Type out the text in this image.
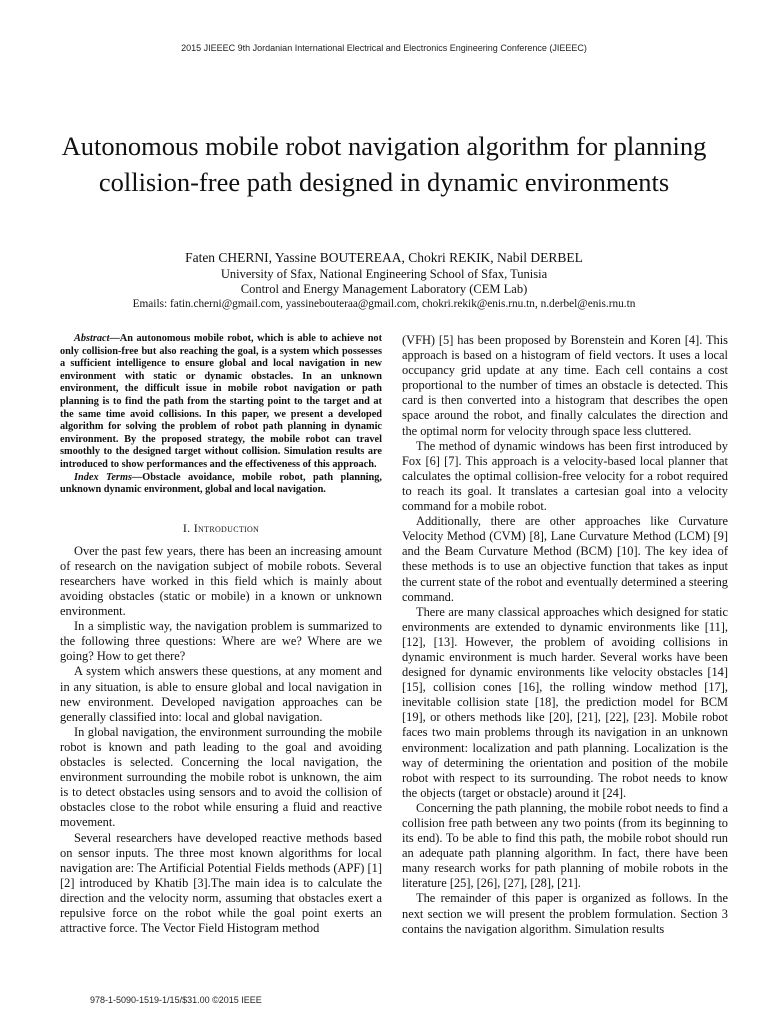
2015 JIEEEC 9th Jordanian International Electrical and Electronics Engineering Conference (JIEEEC)
Autonomous mobile robot navigation algorithm for planning collision-free path designed in dynamic environments
Faten CHERNI, Yassine BOUTEREAA, Chokri REKIK, Nabil DERBEL
University of Sfax, National Engineering School of Sfax, Tunisia
Control and Energy Management Laboratory (CEM Lab)
Emails: fatin.cherni@gmail.com, yassinebouteraa@gmail.com, chokri.rekik@enis.rnu.tn, n.derbel@enis.rnu.tn

Abstract—An autonomous mobile robot, which is able to achieve not only collision-free but also reaching the goal, is a system which possesses a sufficient intelligence to ensure global and local navigation in new environment with static or dynamic obstacles. In an unknown environment, the difficult issue in mobile robot navigation or path planning is to find the path from the starting point to the target and at the same time avoid collisions. In this paper, we present a developed algorithm for solving the problem of robot path planning in dynamic environment. By the proposed strategy, the mobile robot can travel smoothly to the designed target without collision. Simulation results are introduced to show performances and the effectiveness of this approach.

Index Terms—Obstacle avoidance, mobile robot, path planning, unknown dynamic environment, global and local navigation.

I. Introduction

Over the past few years, there has been an increasing amount of research on the navigation subject of mobile robots. Several researchers have worked in this field which is mainly about avoiding obstacles (static or mobile) in a known or unknown environment.

In a simplistic way, the navigation problem is summarized to the following three questions: Where are we? Where are we going? How to get there?

A system which answers these questions, at any moment and in any situation, is able to ensure global and local navigation in new environment. Developed navigation approaches can be generally classified into: local and global navigation.

In global navigation, the environment surrounding the mobile robot is known and path leading to the goal and avoiding obstacles is selected. Concerning the local navigation, the environment surrounding the mobile robot is unknown, the aim is to detect obstacles using sensors and to avoid the collision of obstacles close to the robot while ensuring a fluid and reactive movement.

Several researchers have developed reactive methods based on sensor inputs. The three most known algorithms for local navigation are: The Artificial Potential Fields methods (APF) [1] [2] introduced by Khatib [3].The main idea is to calculate the direction and the velocity norm, assuming that obstacles exert a repulsive force on the robot while the goal point exerts an attractive force. The Vector Field Histogram method

(VFH) [5] has been proposed by Borenstein and Koren [4]. This approach is based on a histogram of field vectors. It uses a local occupancy grid update at any time. Each cell contains a cost proportional to the number of times an obstacle is detected. This card is then converted into a histogram that describes the open space around the robot, and finally calculates the direction and the optimal norm for velocity through space less cluttered.

The method of dynamic windows has been first introduced by Fox [6] [7]. This approach is a velocity-based local planner that calculates the optimal collision-free velocity for a robot required to reach its goal. It translates a cartesian goal into a velocity command for a mobile robot.

Additionally, there are other approaches like Curvature Velocity Method (CVM) [8], Lane Curvature Method (LCM) [9] and the Beam Curvature Method (BCM) [10]. The key idea of these methods is to use an objective function that takes as input the current state of the robot and eventually determined a steering command.

There are many classical approaches which designed for static environments are extended to dynamic environments like [11], [12], [13]. However, the problem of avoiding collisions in dynamic environment is much harder. Several works have been designed for dynamic environments like velocity obstacles [14] [15], collision cones [16], the rolling window method [17], inevitable collision state [18], the prediction model for BCM [19], or others methods like [20], [21], [22], [23]. Mobile robot faces two main problems through its navigation in an unknown environment: localization and path planning. Localization is the way of determining the orientation and position of the mobile robot with respect to its surrounding. The robot needs to know the objects (target or obstacle) around it [24].

Concerning the path planning, the mobile robot needs to find a collision free path between any two points (from its beginning to its end). To be able to find this path, the mobile robot should run an adequate path planning algorithm. In fact, there have been many research works for path planning of mobile robots in the literature [25], [26], [27], [28], [21].

The remainder of this paper is organized as follows. In the next section we will present the problem formulation. Section 3 contains the navigation algorithm. Simulation results

978-1-5090-1519-1/15/$31.00 ©2015 IEEE
